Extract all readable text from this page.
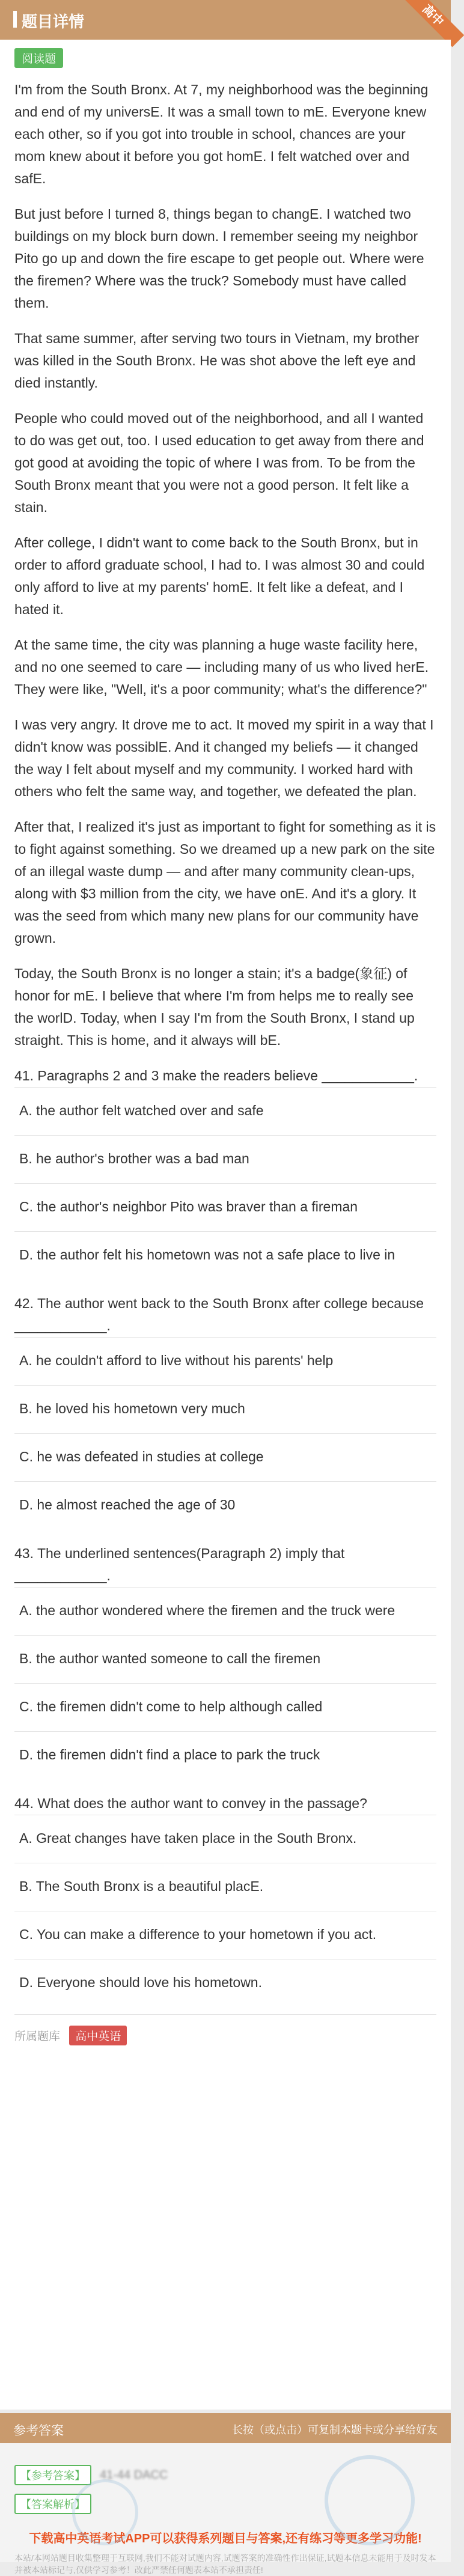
题目详情	高中
阅读题

I'm from the South Bronx. At 7, my neighborhood was the beginning and end of my universE. It was a small town to mE. Everyone knew each other, so if you got into trouble in school, chances are your mom knew about it before you got homE. I felt watched over and safE.

But just before I turned 8, things began to changE. I watched two buildings on my block burn down. I remember seeing my neighbor Pito go up and down the fire escape to get people out. Where were the firemen? Where was the truck? Somebody must have called them.

That same summer, after serving two tours in Vietnam, my brother was killed in the South Bronx. He was shot above the left eye and died instantly.

People who could moved out of the neighborhood, and all I wanted to do was get out, too. I used education to get away from there and got good at avoiding the topic of where I was from. To be from the South Bronx meant that you were not a good person. It felt like a stain.

After college, I didn't want to come back to the South Bronx, but in order to afford graduate school, I had to. I was almost 30 and could only afford to live at my parents' homE. It felt like a defeat, and I hated it.

At the same time, the city was planning a huge waste facility here, and no one seemed to care — including many of us who lived herE. They were like, "Well, it's a poor community; what's the difference?"

I was very angry. It drove me to act. It moved my spirit in a way that I didn't know was possiblE. And it changed my beliefs — it changed the way I felt about myself and my community. I worked hard with others who felt the same way, and together, we defeated the plan.

After that, I realized it's just as important to fight for something as it is to fight against something. So we dreamed up a new park on the site of an illegal waste dump — and after many community clean-ups, along with $3 million from the city, we have onE. And it's a glory. It was the seed from which many new plans for our community have grown.

Today, the South Bronx is no longer a stain; it's a badge(象征) of honor for mE. I believe that where I'm from helps me to really see the worlD. Today, when I say I'm from the South Bronx, I stand up straight. This is home, and it always will bE.

41. Paragraphs 2 and 3 make the readers believe ____________.
A. the author felt watched over and safe
B. he author's brother was a bad man
C. the author's neighbor Pito was braver than a fireman
D. the author felt his hometown was not a safe place to live in
42. The author went back to the South Bronx after college because ____________.
A. he couldn't afford to live without his parents' help
B. he loved his hometown very much
C. he was defeated in studies at college
D. he almost reached the age of 30
43. The underlined sentences(Paragraph 2) imply that ____________.
A. the author wondered where the firemen and the truck were
B. the author wanted someone to call the firemen
C. the firemen didn't come to help although called
D. the firemen didn't find a place to park the truck
44. What does the author want to convey in the passage?
A. Great changes have taken place in the South Bronx.
B. The South Bronx is a beautiful placE.
C. You can make a difference to your hometown if you act.
D. Everyone should love his hometown.
所属题库 高中英语
参考答案	长按（或点击）可复制本题卡或分享给好友
【参考答案】	41-44 DACC
【答案解析】
下载高中英语考试APP可以获得系列题目与答案,还有练习等更多学习功能!
本站/本网站题目收集整理于互联网,我们不能对试题内容,试题答案的准确性作出保证,试题本信息未能用于及时发本并被本站标记与,仅供学习参考！改此严禁任何题表本站不承担责任!
